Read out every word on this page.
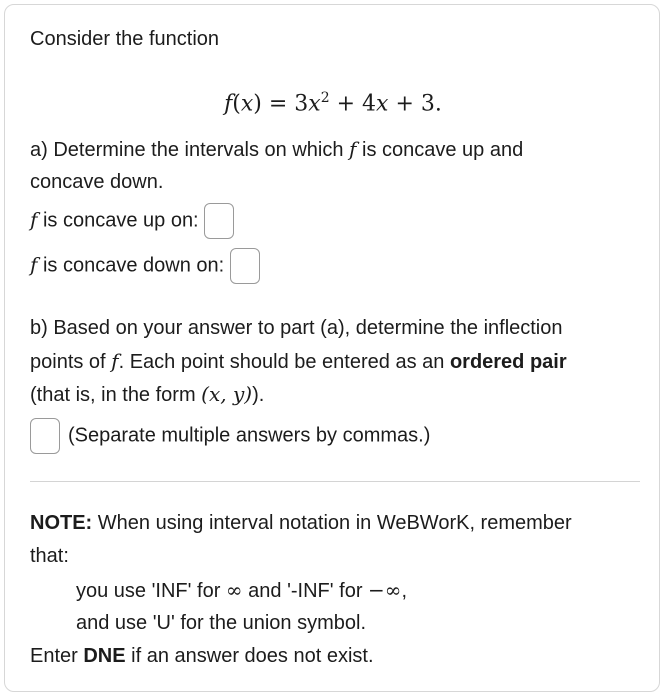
Consider the function
$f(x) = 3x^2 + 4x + 3$.
a) Determine the intervals on which f is concave up and
concave down.
f is concave up on:
f is concave down on:
b) Based on your answer to part (a), determine the inflection
points of f. Each point should be entered as an ordered pair
(that is, in the form (x, y)).
(Separate multiple answers by commas.)
NOTE: When using interval notation in WeBWorK, remember
that:
you use 'INF' for ∞ and '-INF' for −∞,
and use 'U' for the union symbol.
Enter DNE if an answer does not exist.
